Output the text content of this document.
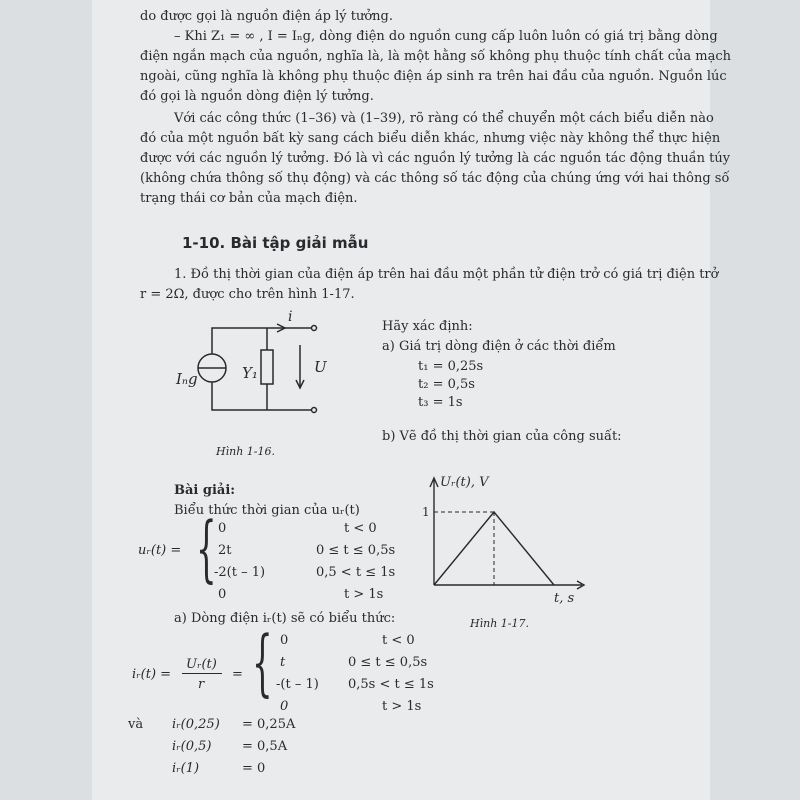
do được gọi là nguồn điện áp lý tưởng.
– Khi Z₁ = ∞ , I = Iₙg, dòng điện do nguồn cung cấp luôn luôn có giá trị bằng dòng
điện ngắn mạch của nguồn, nghĩa là, là một hằng số không phụ thuộc tính chất của mạch
ngoài, cũng nghĩa là không phụ thuộc điện áp sinh ra trên hai đầu của nguồn. Nguồn lúc
đó gọi là nguồn dòng điện lý tưởng.
Với các công thức (1–36) và (1–39), rõ ràng có thể chuyển một cách biểu diễn nào
đó của một nguồn bất kỳ sang cách biểu diễn khác, nhưng việc này không thể thực hiện
được với các nguồn lý tưởng. Đó là vì các nguồn lý tưởng là các nguồn tác động thuần túy
(không chứa thông số thụ động) và các thông số tác động của chúng ứng với hai thông số
trạng thái cơ bản của mạch điện.
1-10. Bài tập giải mẫu
1. Đồ thị thời gian của điện áp trên hai đầu một phần tử điện trở có giá trị điện trở
r = 2Ω, được cho trên hình 1-17.
Iₙg	Y₁
i
U
Hình 1-16.
Hãy xác định:
a) Giá trị dòng điện ở các thời điểm
t₁ = 0,25s
t₂ = 0,5s
t₃ = 1s
b) Vẽ đồ thị thời gian của công suất:
Bài giải:
Biểu thức thời gian của uᵣ(t)
uᵣ(t) = { 0	t < 0
2t	0 ≤ t ≤ 0,5s
-2(t – 1)	0,5 < t ≤ 1s
0	t > 1s
a) Dòng điện iᵣ(t) sẽ có biểu thức:
iᵣ(t) =
Uᵣ(t)
r
= { 0	t < 0
t	0 ≤ t ≤ 0,5s
-(t – 1) 0,5s < t ≤ 1s
0	t > 1s
và iᵣ(0,25) = 0,25A
iᵣ(0,5) = 0,5A
iᵣ(1)	= 0
Uᵣ(t), V
1
t, s
Hình 1-17.
